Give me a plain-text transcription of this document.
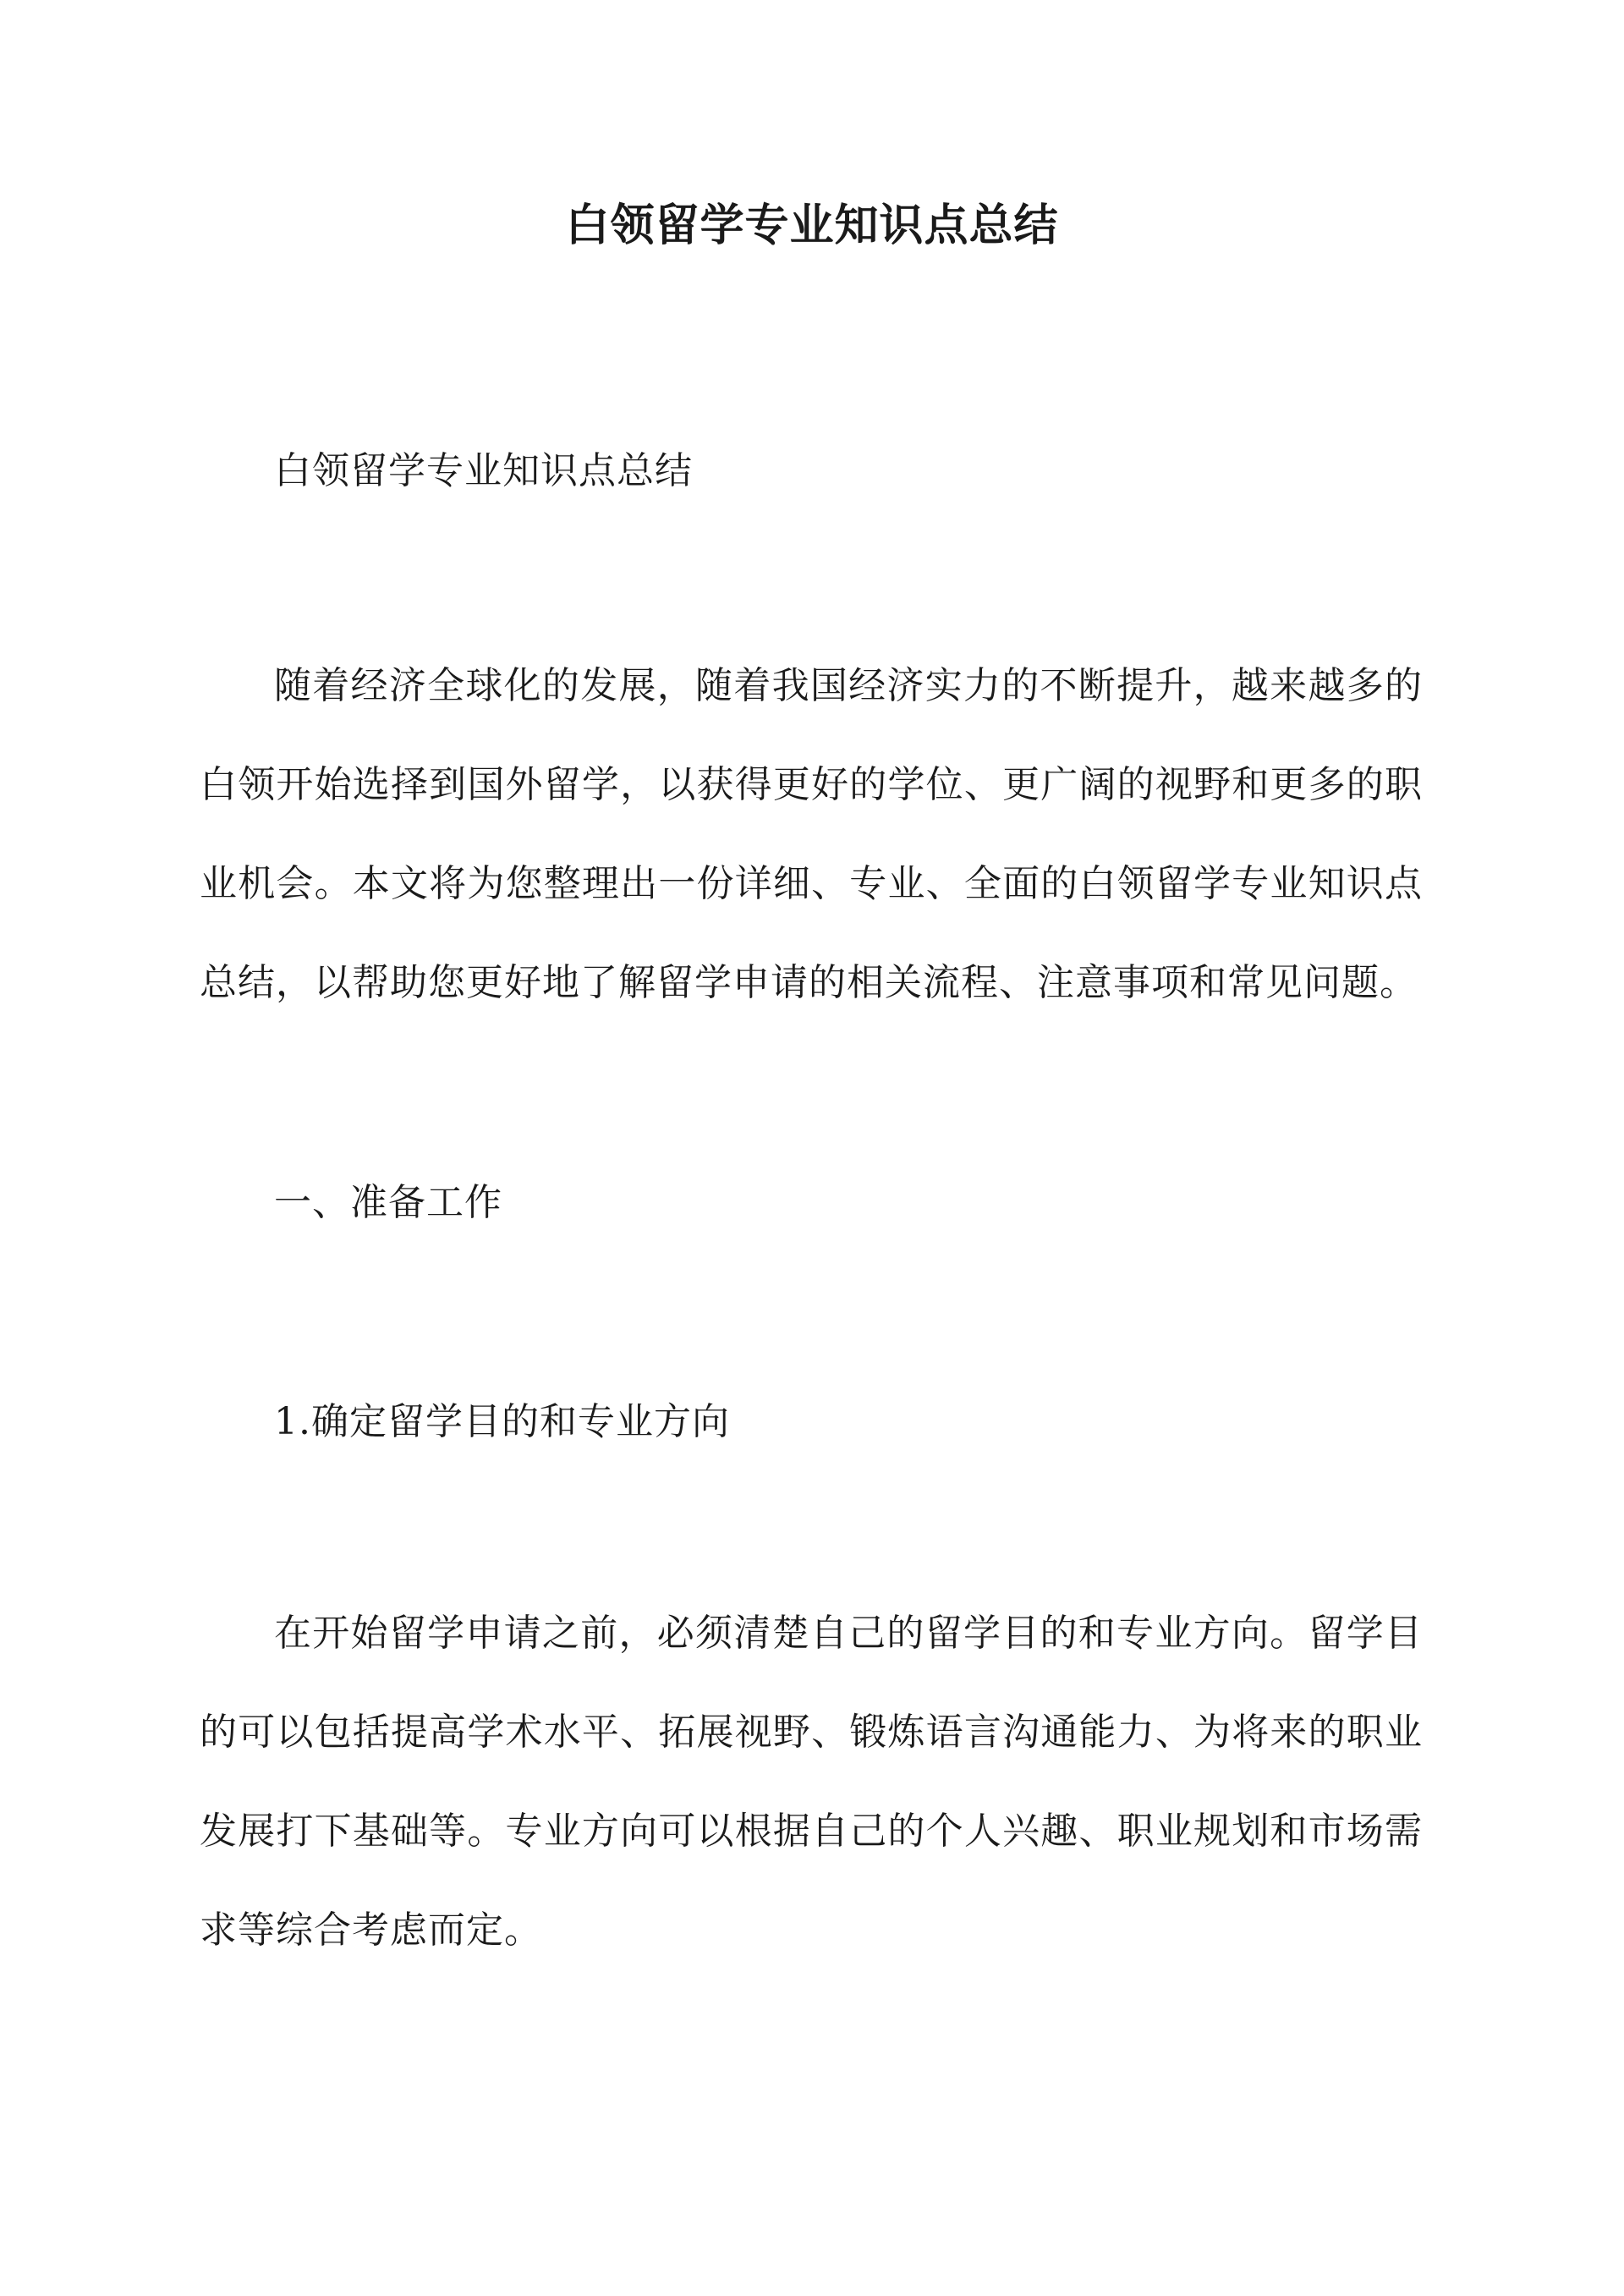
白领留学专业知识点总结
白领留学专业知识点总结
随着经济全球化的发展，随着我国经济实力的不断提升，越来越多的白领开始选择到国外留学，以获得更好的学位、更广阔的视野和更多的职业机会。本文将为您整理出一份详细、专业、全面的白领留学专业知识点总结，以帮助您更好地了解留学申请的相关流程、注意事项和常见问题。
一、准备工作
1.确定留学目的和专业方向
在开始留学申请之前，必须清楚自己的留学目的和专业方向。留学目的可以包括提高学术水平、拓展视野、锻炼语言沟通能力、为将来的职业发展打下基础等。专业方向可以根据自己的个人兴趣、职业规划和市场需求等综合考虑而定。
